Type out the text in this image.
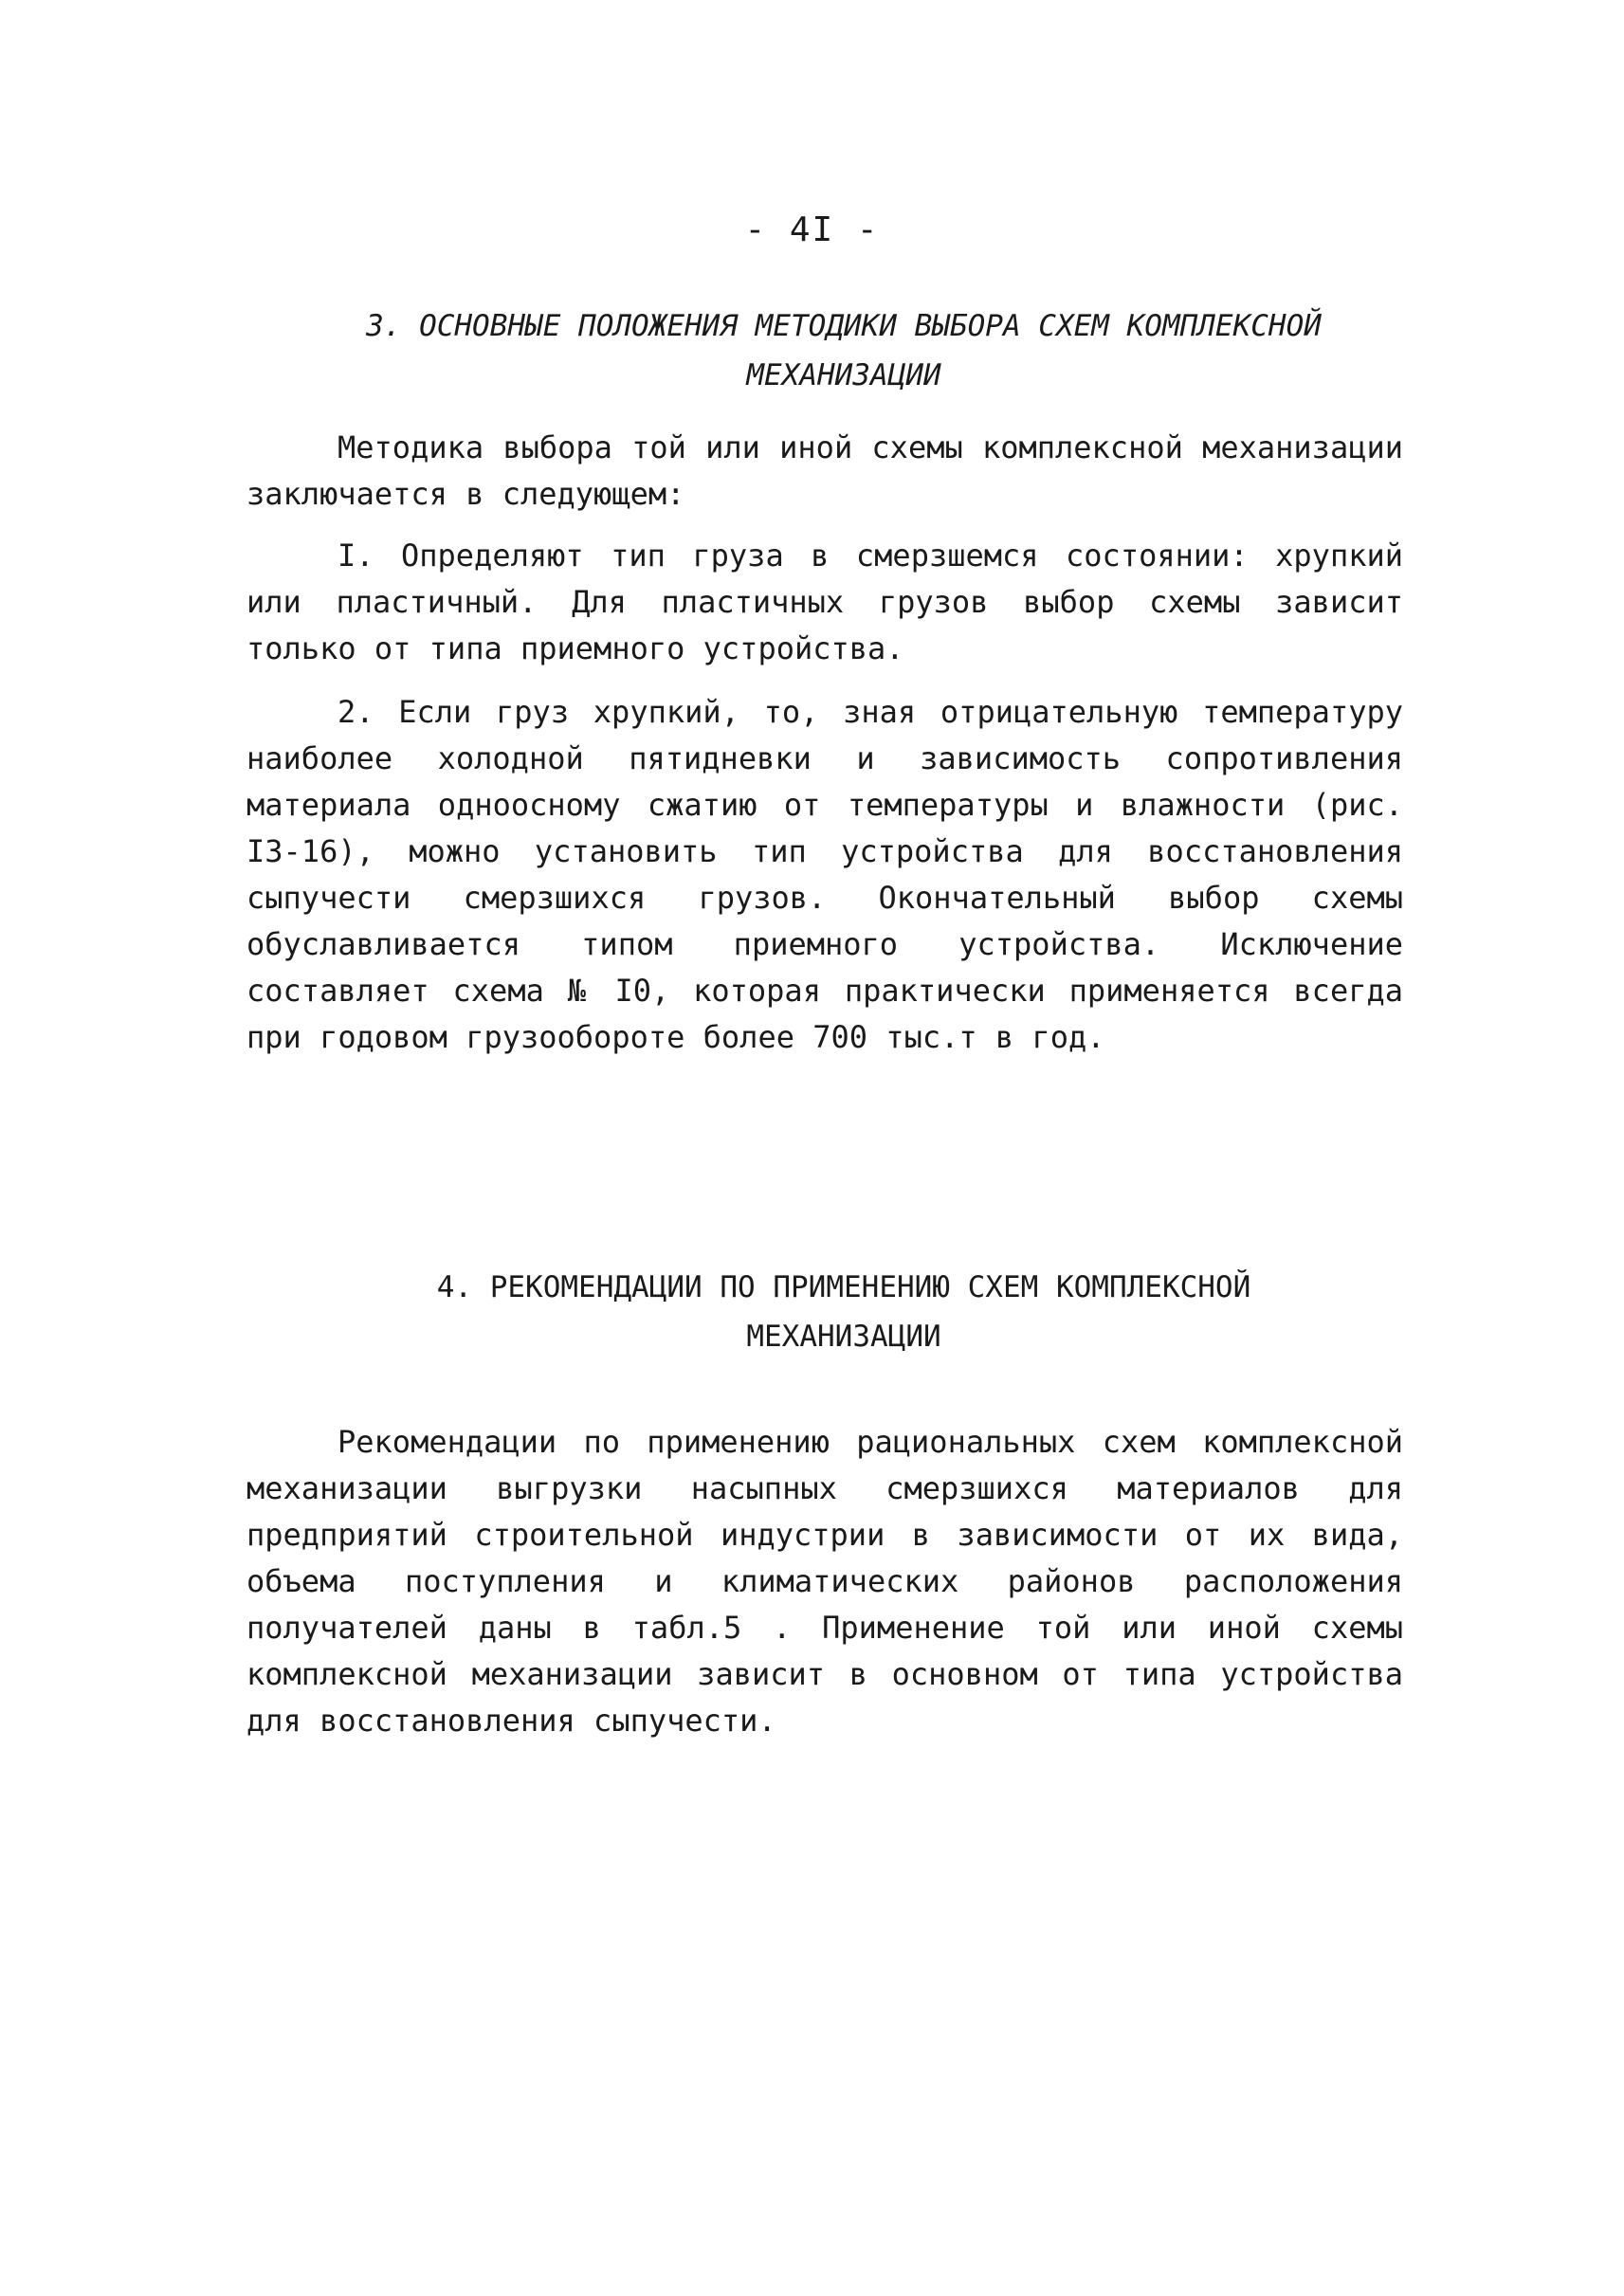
- 4I -
3. ОСНОВНЫЕ ПОЛОЖЕНИЯ МЕТОДИКИ ВЫБОРА СХЕМ КОМПЛЕКСНОЙ
МЕХАНИЗАЦИИ

Методика выбора той или иной схемы комплексной механизации заключается в следующем:

I. Определяют тип груза в смерзшемся состоянии: хрупкий или пластичный. Для пластичных грузов выбор схемы зависит только от типа приемного устройства.

2. Если груз хрупкий, то, зная отрицательную температуру наиболее холодной пятидневки и зависимость сопротивления материала одноосному сжатию от температуры и влажности (рис. I3-16), можно установить тип устройства для восстановления сыпучести смерзшихся грузов. Окончательный выбор схемы обуславливается типом приемного устройства. Исключение составляет схема № I0, которая практически применяется всегда при годовом грузообороте более 700 тыс.т в год.

4. РЕКОМЕНДАЦИИ ПО ПРИМЕНЕНИЮ СХЕМ КОМПЛЕКСНОЙ
МЕХАНИЗАЦИИ

Рекомендации по применению рациональных схем комплексной механизации выгрузки насыпных смерзшихся материалов для предприятий строительной индустрии в зависимости от их вида, объема поступления и климатических районов расположения получателей даны в табл.5 . Применение той или иной схемы комплексной механизации зависит в основном от типа устройства для восстановления сыпучести.
